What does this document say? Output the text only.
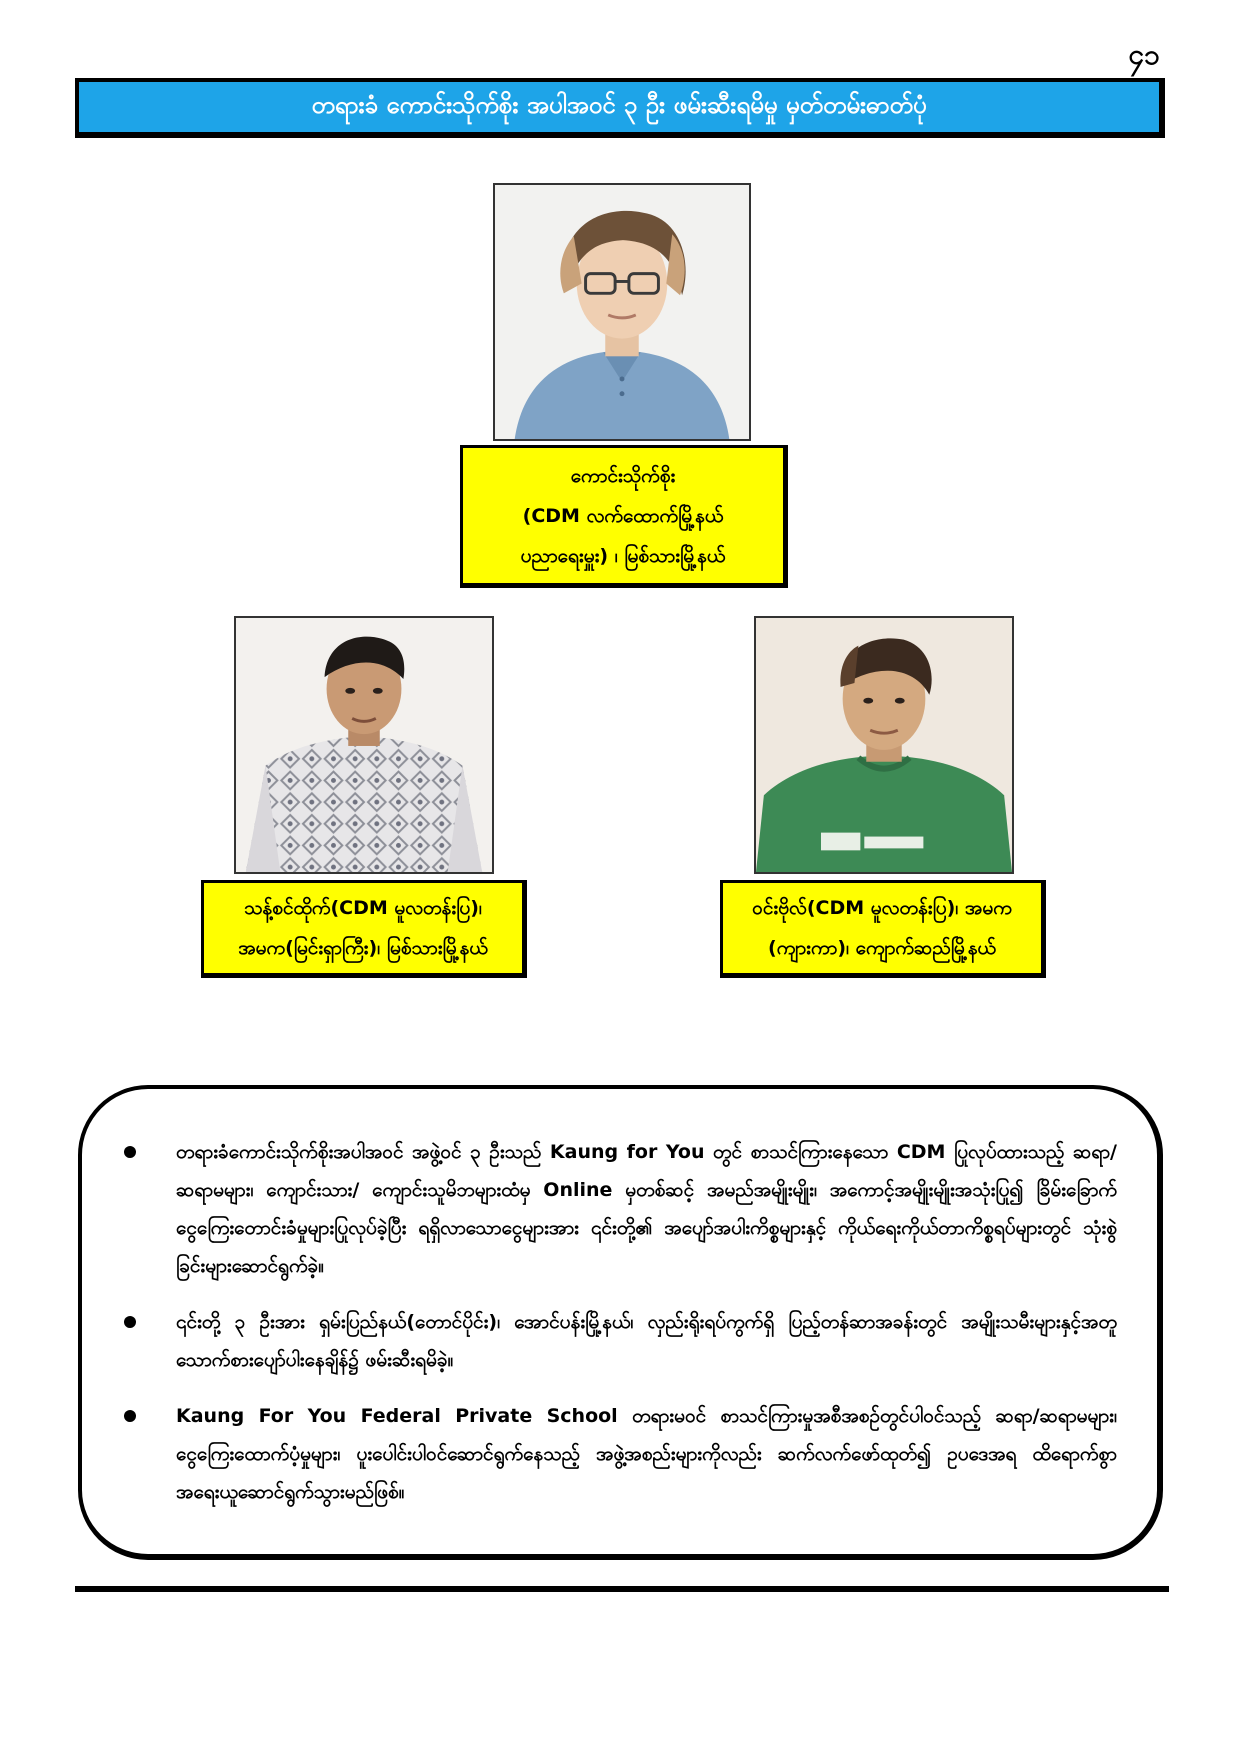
၄၁
တရားခံ ကောင်းသိုက်စိုး အပါအဝင် ၃ ဦး ဖမ်းဆီးရမိမှု မှတ်တမ်းဓာတ်ပုံ
ကောင်းသိုက်စိုး
(CDM လက်ထောက်မြို့နယ်
ပညာရေးမှူး) ၊ မြစ်သားမြို့နယ်
သန့်စင်ထိုက်(CDM မူလတန်းပြ)၊
အမက(မြင်းရှာကြီး)၊ မြစ်သားမြို့နယ်
ဝင်းဗိုလ်(CDM မူလတန်းပြ)၊ အမက
(ကျားကာ)၊ ကျောက်ဆည်မြို့နယ်
တရားခံကောင်းသိုက်စိုးအပါအဝင် အဖွဲ့ဝင် ၃ ဦးသည် Kaung for You တွင် စာသင်ကြားနေသော CDM ပြုလုပ်ထားသည့် ဆရာ/ဆရာမများ၊ ကျောင်းသား/ ကျောင်းသူမိဘများထံမှ Online မှတစ်ဆင့် အမည်အမျိုးမျိုး၊ အကောင့်အမျိုးမျိုးအသုံးပြု၍ ခြိမ်းခြောက်ငွေကြေးတောင်းခံမှုများပြုလုပ်ခဲ့ပြီး ရရှိလာသောငွေများအား ၎င်းတို့၏ အပျော်အပါးကိစ္စများနှင့် ကိုယ်ရေးကိုယ်တာကိစ္စရပ်များတွင် သုံးစွဲခြင်းများဆောင်ရွက်ခဲ့။
၎င်းတို့ ၃ ဦးအား ရှမ်းပြည်နယ်(တောင်ပိုင်း)၊ အောင်ပန်းမြို့နယ်၊ လှည်းရိုးရပ်ကွက်ရှိ ပြည့်တန်ဆာအခန်းတွင် အမျိုးသမီးများနှင့်အတူ သောက်စားပျော်ပါးနေချိန်၌ ဖမ်းဆီးရမိခဲ့။
Kaung For You Federal Private School တရားမဝင် စာသင်ကြားမှုအစီအစဉ်တွင်ပါဝင်သည့် ဆရာ/ဆရာမများ၊ ငွေကြေးထောက်ပံ့မှုများ၊ ပူးပေါင်းပါဝင်ဆောင်ရွက်နေသည့် အဖွဲ့အစည်းများကိုလည်း ဆက်လက်ဖော်ထုတ်၍ ဥပဒေအရ ထိရောက်စွာအရေးယူဆောင်ရွက်သွားမည်ဖြစ်။
